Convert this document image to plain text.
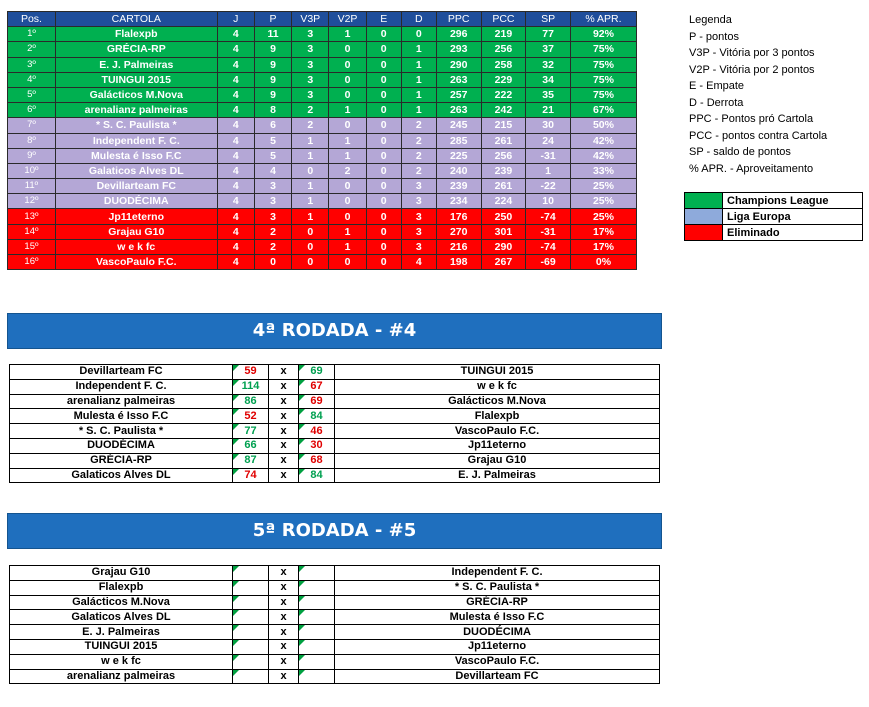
Pos.	CARTOLA	J	P	V3P	V2P	E	D	PPC	PCC	SP	% APR.
1º	Flalexpb	4	11	3	1	0	0	296	219	77	92%
2º	GRÉCIA-RP	4	9	3	0	0	1	293	256	37	75%
3º	E. J. Palmeiras	4	9	3	0	0	1	290	258	32	75%
4º	TUINGUI 2015	4	9	3	0	0	1	263	229	34	75%
5º	Galácticos M.Nova	4	9	3	0	0	1	257	222	35	75%
6º	arenalianz palmeiras	4	8	2	1	0	1	263	242	21	67%
7º	* S. C. Paulista *	4	6	2	0	0	2	245	215	30	50%
8º	Independent F. C.	4	5	1	1	0	2	285	261	24	42%
9º	Mulesta é Isso F.C	4	5	1	1	0	2	225	256	-31	42%
10º	Galaticos Alves DL	4	4	0	2	0	2	240	239	1	33%
11º	Devillarteam FC	4	3	1	0	0	3	239	261	-22	25%
12º	DUODÉCIMA	4	3	1	0	0	3	234	224	10	25%
13º	Jp11eterno	4	3	1	0	0	3	176	250	-74	25%
14º	Grajau G10	4	2	0	1	0	3	270	301	-31	17%
15º	w e k fc	4	2	0	1	0	3	216	290	-74	17%
16º	VascoPaulo F.C.	4	0	0	0	0	4	198	267	-69	0%
Legenda
P - pontos
V3P - Vitória por 3 pontos
V2P - Vitória por 2 pontos
E - Empate
D - Derrota
PPC - Pontos pró Cartola
PCC - pontos contra Cartola
SP - saldo de pontos
% APR. - Aproveitamento
Champions League
Liga Europa
Eliminado
4ª RODADA - #4
Devillarteam FC	59	x	69	TUINGUI 2015
Independent F. C.	114	x	67	w e k fc
arenalianz palmeiras	86	x	69	Galácticos M.Nova
Mulesta é Isso F.C	52	x	84	Flalexpb
* S. C. Paulista *	77	x	46	VascoPaulo F.C.
DUODÉCIMA	66	x	30	Jp11eterno
GRÉCIA-RP	87	x	68	Grajau G10
Galaticos Alves DL	74	x	84	E. J. Palmeiras
5ª RODADA - #5
Grajau G10		x		Independent F. C.
Flalexpb		x		* S. C. Paulista *
Galácticos M.Nova		x		GRÉCIA-RP
Galaticos Alves DL		x		Mulesta é Isso F.C
E. J. Palmeiras		x		DUODÉCIMA
TUINGUI 2015		x		Jp11eterno
w e k fc		x		VascoPaulo F.C.
arenalianz palmeiras		x		Devillarteam FC
